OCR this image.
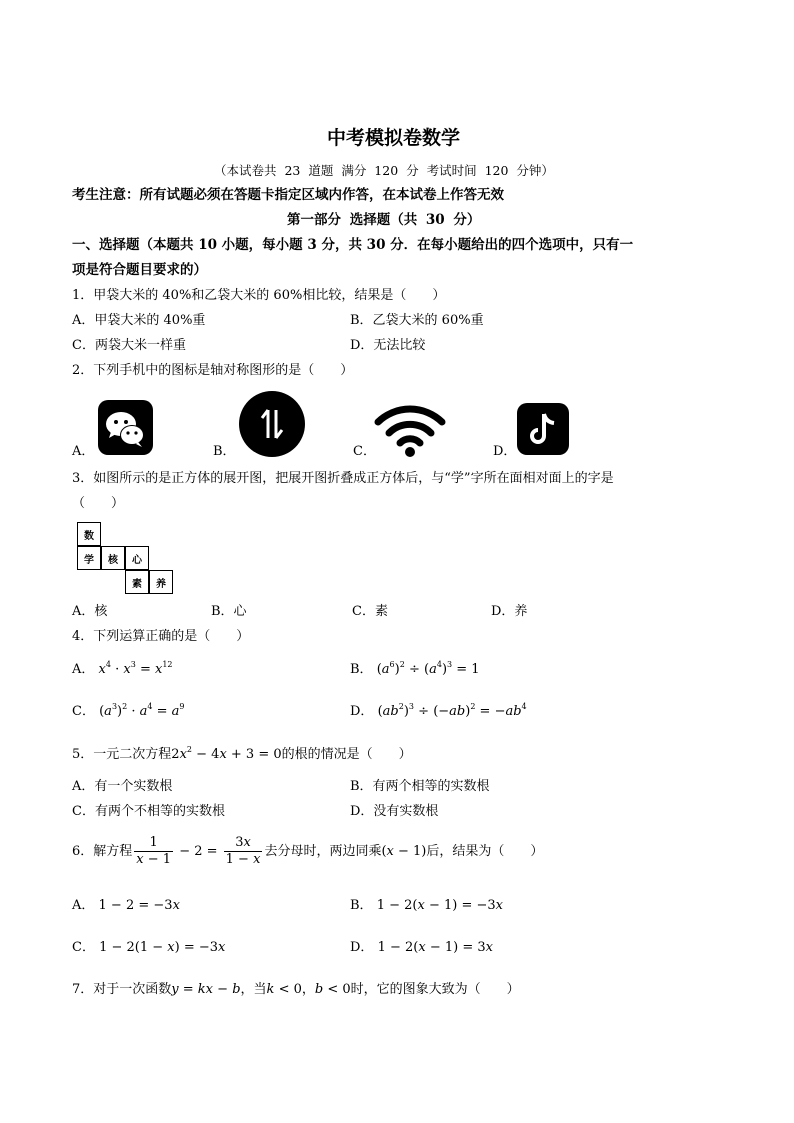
中考模拟卷数学
（本试卷共 23 道题 满分 120 分 考试时间 120 分钟）
考生注意：所有试题必须在答题卡指定区域内作答，在本试卷上作答无效
第一部分 选择题（共 30 分）
一、选择题（本题共 10 小题，每小题 3 分，共 30 分．在每小题给出的四个选项中，只有一
项是符合题目要求的）
1．甲袋大米的 40%和乙袋大米的 60%相比较，结果是（　　）
A．甲袋大米的 40%重	B．乙袋大米的 60%重
C．两袋大米一样重	D．无法比较
2．下列手机中的图标是轴对称图形的是（　　）
A．	B．	C．	D．
3．如图所示的是正方体的展开图，把展开图折叠成正方体后，与“学”字所在面相对面上的字是
（　　）
数
学	核	心
素	养
A．核	B．心	C．素	D．养
4．下列运算正确的是（　　）
A． $x^4 \cdot x^3 = x^{12}$	B． $(a^6)^2 \div (a^4)^3 = 1$
C． $(a^3)^2 \cdot a^4 = a^9$	D． $(ab^2)^3 \div (-ab)^2 = -ab^4$
5．一元二次方程$2x^2 - 4x + 3 = 0$的根的情况是（　　）
A．有一个实数根	B．有两个相等的实数根
C．有两个不相等的实数根	D．没有实数根
6．解方程 $\frac{1}{x - 1} - 2 = \frac{3x}{1 - x}$ 去分母时，两边同乘(x − 1)后，结果为（　　）
A． 1 − 2 = −3x	B． 1 − 2(x − 1) = −3x
C． 1 − 2(1 − x) = −3x	D． 1 − 2(x − 1) = 3x
7．对于一次函数y = kx − b，当k < 0，b < 0时，它的图象大致为（　　）
